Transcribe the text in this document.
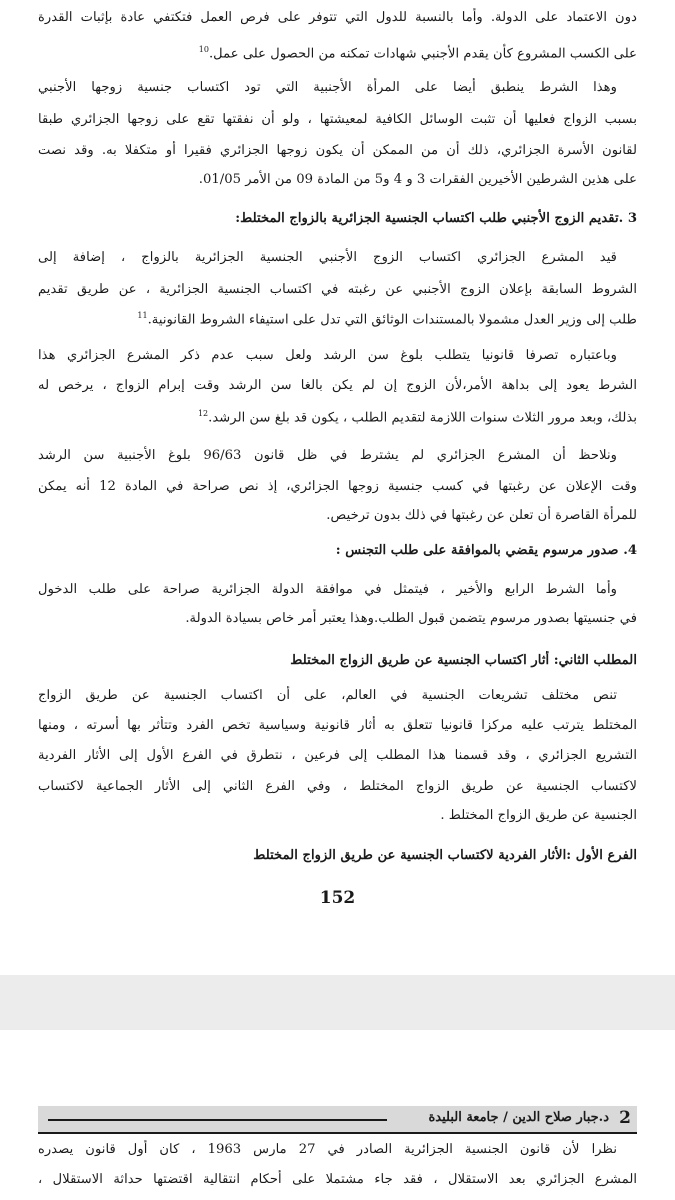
دون الاعتماد على الدولة. وأما بالنسبة للدول التي تتوفر على فرص العمل فتكتفي عادة بإثبات القدرة
على الكسب المشروع كأن يقدم الأجنبي شهادات تمكنه من الحصول على عمل.$^{10}$
وهذا الشرط ينطبق أيضا على المرأة الأجنبية التي تود اكتساب جنسية زوجها الأجنبي
بسبب الزواج فعليها أن تثبت الوسائل الكافية لمعيشتها ، ولو أن نفقتها تقع على زوجها الجزائري طبقا
لقانون الأسرة الجزائري، ذلك أن من الممكن أن يكون زوجها الجزائري فقيرا أو متكفلا به. وقد نصت
على هذين الشرطين الأخيرين الفقرات 3 و 4 و5 من المادة 09 من الأمر 01/05.
3 .تقديم الزوج الأجنبي طلب اكتساب الجنسية الجزائرية بالزواج المختلط:
قيد المشرع الجزائري اكتساب الزوج الأجنبي الجنسية الجزائرية بالزواج ، إضافة إلى
الشروط السابقة بإعلان الزوج الأجنبي عن رغبته في اكتساب الجنسية الجزائرية ، عن طريق تقديم
طلب إلى وزير العدل مشمولا بالمستندات الوثائق التي تدل على استيفاء الشروط القانونية.$^{11}$
وباعتباره تصرفا قانونيا يتطلب بلوغ سن الرشد ولعل سبب عدم ذكر المشرع الجزائري هذا
الشرط يعود إلى بداهة الأمر،لأن الزوج إن لم يكن بالغا سن الرشد وقت إبرام الزواج ، يرخص له
بذلك، وبعد مرور الثلاث سنوات اللازمة لتقديم الطلب ، يكون قد بلغ سن الرشد.$^{12}$
ونلاحظ أن المشرع الجزائري لم يشترط في ظل قانون 96/63 بلوغ الأجنبية سن الرشد
وقت الإعلان عن رغبتها في كسب جنسية زوجها الجزائري، إذ نص صراحة في المادة 12 أنه يمكن
للمرأة القاصرة أن تعلن عن رغبتها في ذلك بدون ترخيص.
4. صدور مرسوم يقضي بالموافقة على طلب التجنس :
وأما الشرط الرابع والأخير ، فيتمثل في موافقة الدولة الجزائرية صراحة على طلب الدخول
في جنسيتها بصدور مرسوم يتضمن قبول الطلب.وهذا يعتبر أمر خاص بسيادة الدولة.
المطلب الثاني: أثار اكتساب الجنسية عن طريق الزواج المختلط
تنص مختلف تشريعات الجنسية في العالم، على أن اكتساب الجنسية عن طريق الزواج
المختلط يترتب عليه مركزا قانونيا تتعلق به أثار قانونية وسياسية تخص الفرد وتتأثر بها أسرته ، ومنها
التشريع الجزائري ، وقد قسمنا هذا المطلب إلى فرعين ، نتطرق في الفرع الأول إلى الأثار الفردية
لاكتساب الجنسية عن طريق الزواج المختلط ، وفي الفرع الثاني إلى الأثار الجماعية لاكتساب
الجنسية عن طريق الزواج المختلط .
الفرع الأول :الأثار الفردية لاكتساب الجنسية عن طريق الزواج المختلط
152
2
د.جبار صلاح الدين / جامعة البليدة
نظرا لأن قانون الجنسية الجزائرية الصادر في 27 مارس 1963 ، كان أول قانون يصدره
المشرع الجزائري بعد الاستقلال ، فقد جاء مشتملا على أحكام انتقالية اقتضتها حداثة الاستقلال ،
